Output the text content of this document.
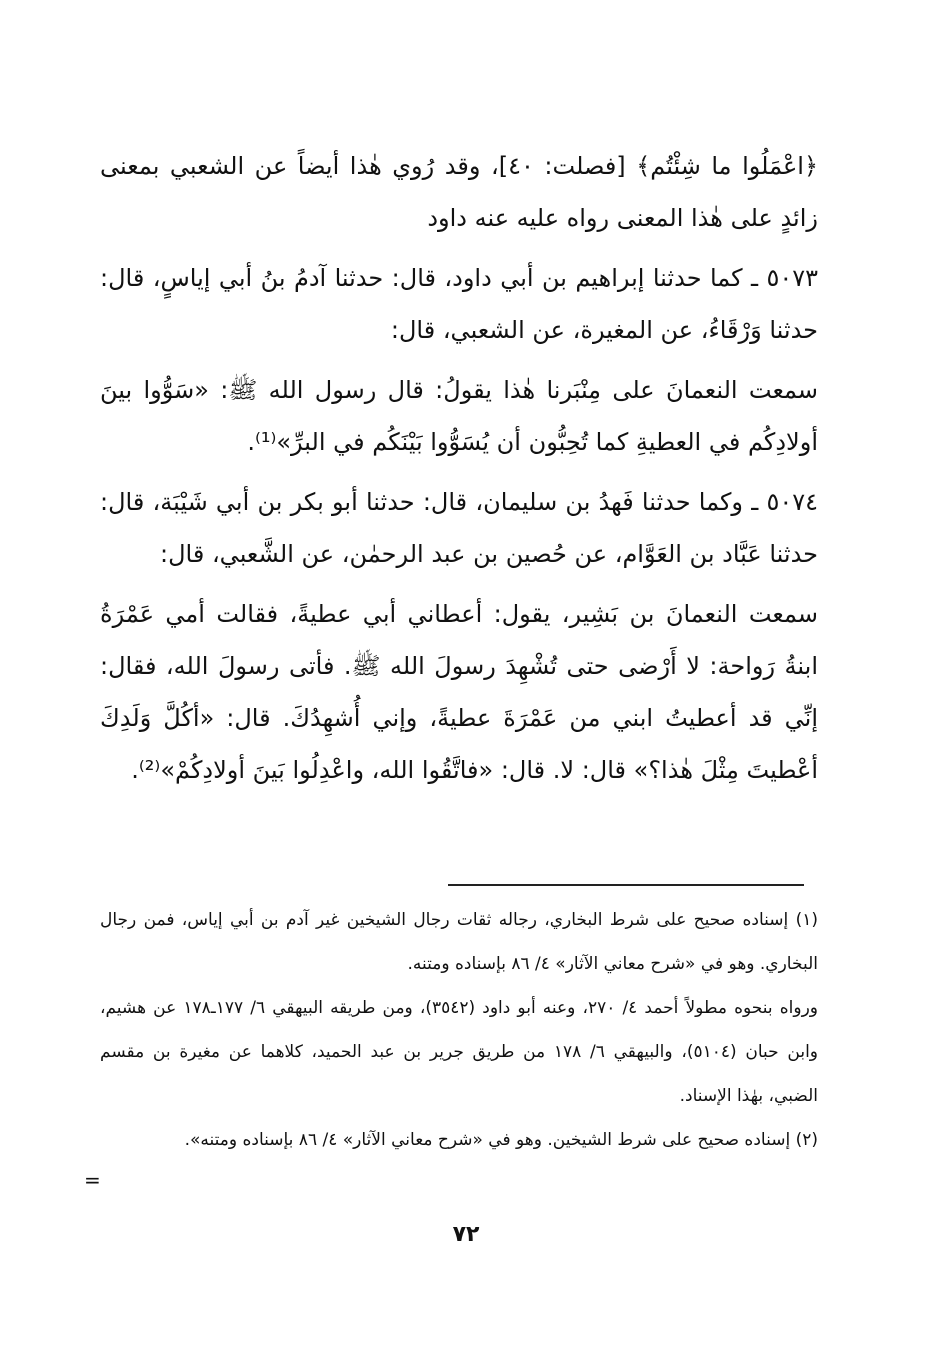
﴿اعْمَلُوا ما شِئْتُم﴾ [فصلت: ٤٠]، وقد رُوي هٰذا أيضاً عن الشعبي بمعنى زائدٍ على هٰذا المعنى رواه عليه عنه داود

٥٠٧٣ ـ كما حدثنا إبراهيم بن أبي داود، قال: حدثنا آدمُ بنُ أبي إياسٍ، قال: حدثنا وَرْقَاءُ، عن المغيرة، عن الشعبي، قال:

سمعت النعمانَ على مِنْبَرنا هٰذا يقولُ: قال رسول الله ﷺ: «سَوُّوا بينَ أولادِكُم في العطيةِ كما تُحِبُّون أن يُسَوُّوا بَيْنَكُم في البرِّ»⁽¹⁾.

٥٠٧٤ ـ وكما حدثنا فَهدُ بن سليمان، قال: حدثنا أبو بكر بن أبي شَيْبَة، قال: حدثنا عَبَّاد بن العَوَّام، عن حُصين بن عبد الرحمٰن، عن الشَّعبي، قال:

سمعت النعمانَ بن بَشِير، يقول: أعطاني أبي عطيةً، فقالت أمي عَمْرَةُ ابنةُ رَواحة: لا أَرْضى حتى تُشْهِدَ رسولَ الله ﷺ. فأتى رسولَ الله، فقال: إنِّي قد أعطيتُ ابني من عَمْرَةَ عطيةً، وإني أُشهِدُكَ. قال: «أكُلَّ وَلَدِكَ أعْطيتَ مِثْلَ هٰذا؟» قال: لا. قال: «فاتَّقُوا الله، واعْدِلُوا بَينَ أولادِكُمْ»⁽²⁾.

(١) إسناده صحيح على شرط البخاري، رجاله ثقات رجال الشيخين غير آدم بن أبي إياس، فمن رجال البخاري. وهو في «شرح معاني الآثار» ٤/ ٨٦ بإسناده ومتنه.

ورواه بنحوه مطولاً أحمد ٤/ ٢٧٠، وعنه أبو داود (٣٥٤٢)، ومن طريقه البيهقي ٦/ ١٧٧ـ١٧٨ عن هشيم، وابن حبان (٥١٠٤)، والبيهقي ٦/ ١٧٨ من طريق جرير بن عبد الحميد، كلاهما عن مغيرة بن مقسم الضبي، بهٰذا الإسناد.

(٢) إسناده صحيح على شرط الشيخين. وهو في «شرح معاني الآثار» ٤/ ٨٦ بإسناده ومتنه».

=
٧٢
